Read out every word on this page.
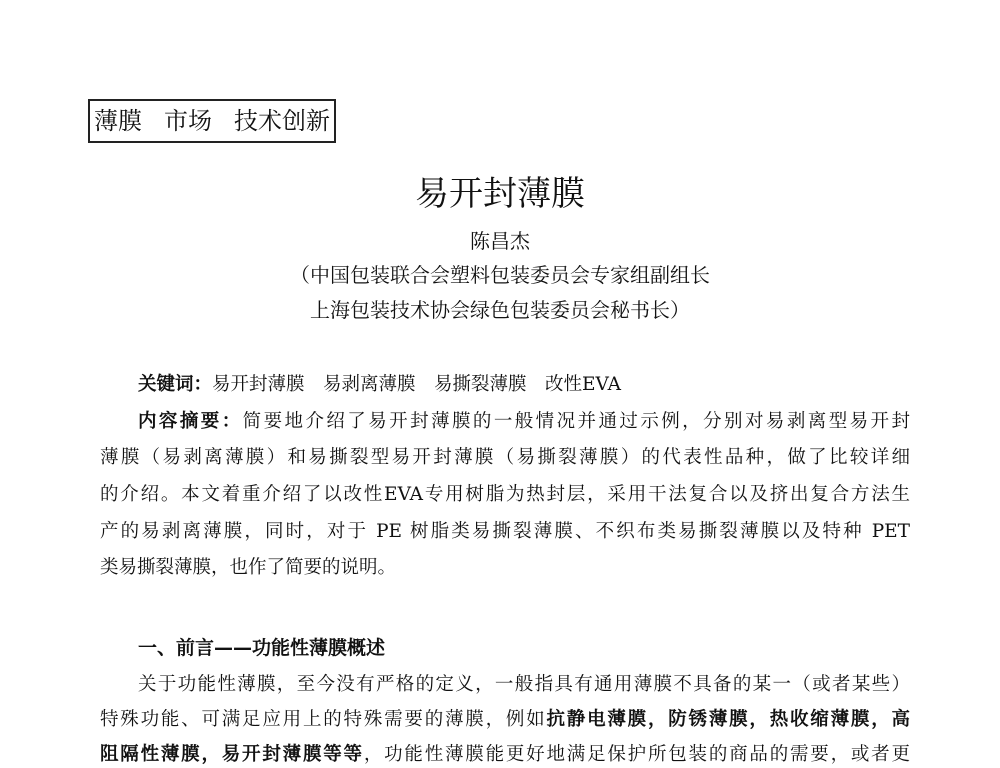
薄膜 市场 技术创新
易开封薄膜
陈昌杰
（中国包装联合会塑料包装委员会专家组副组长
上海包装技术协会绿色包装委员会秘书长）
关键词：易开封薄膜　易剥离薄膜　易撕裂薄膜　改性EVA
内容摘要：简要地介绍了易开封薄膜的一般情况并通过示例，分别对易剥离型易开封
薄膜（易剥离薄膜）和易撕裂型易开封薄膜（易撕裂薄膜）的代表性品种，做了比较详细
的介绍。本文着重介绍了以改性EVA专用树脂为热封层，采用干法复合以及挤出复合方法生
产的易剥离薄膜，同时，对于 PE 树脂类易撕裂薄膜、不织布类易撕裂薄膜以及特种 PET
类易撕裂薄膜，也作了简要的说明。
一、前言——功能性薄膜概述
关于功能性薄膜，至今没有严格的定义，一般指具有通用薄膜不具备的某一（或者某些）
特殊功能、可满足应用上的特殊需要的薄膜，例如抗静电薄膜，防锈薄膜，热收缩薄膜，高
阻隔性薄膜，易开封薄膜等等，功能性薄膜能更好地满足保护所包装的商品的需要，或者更
